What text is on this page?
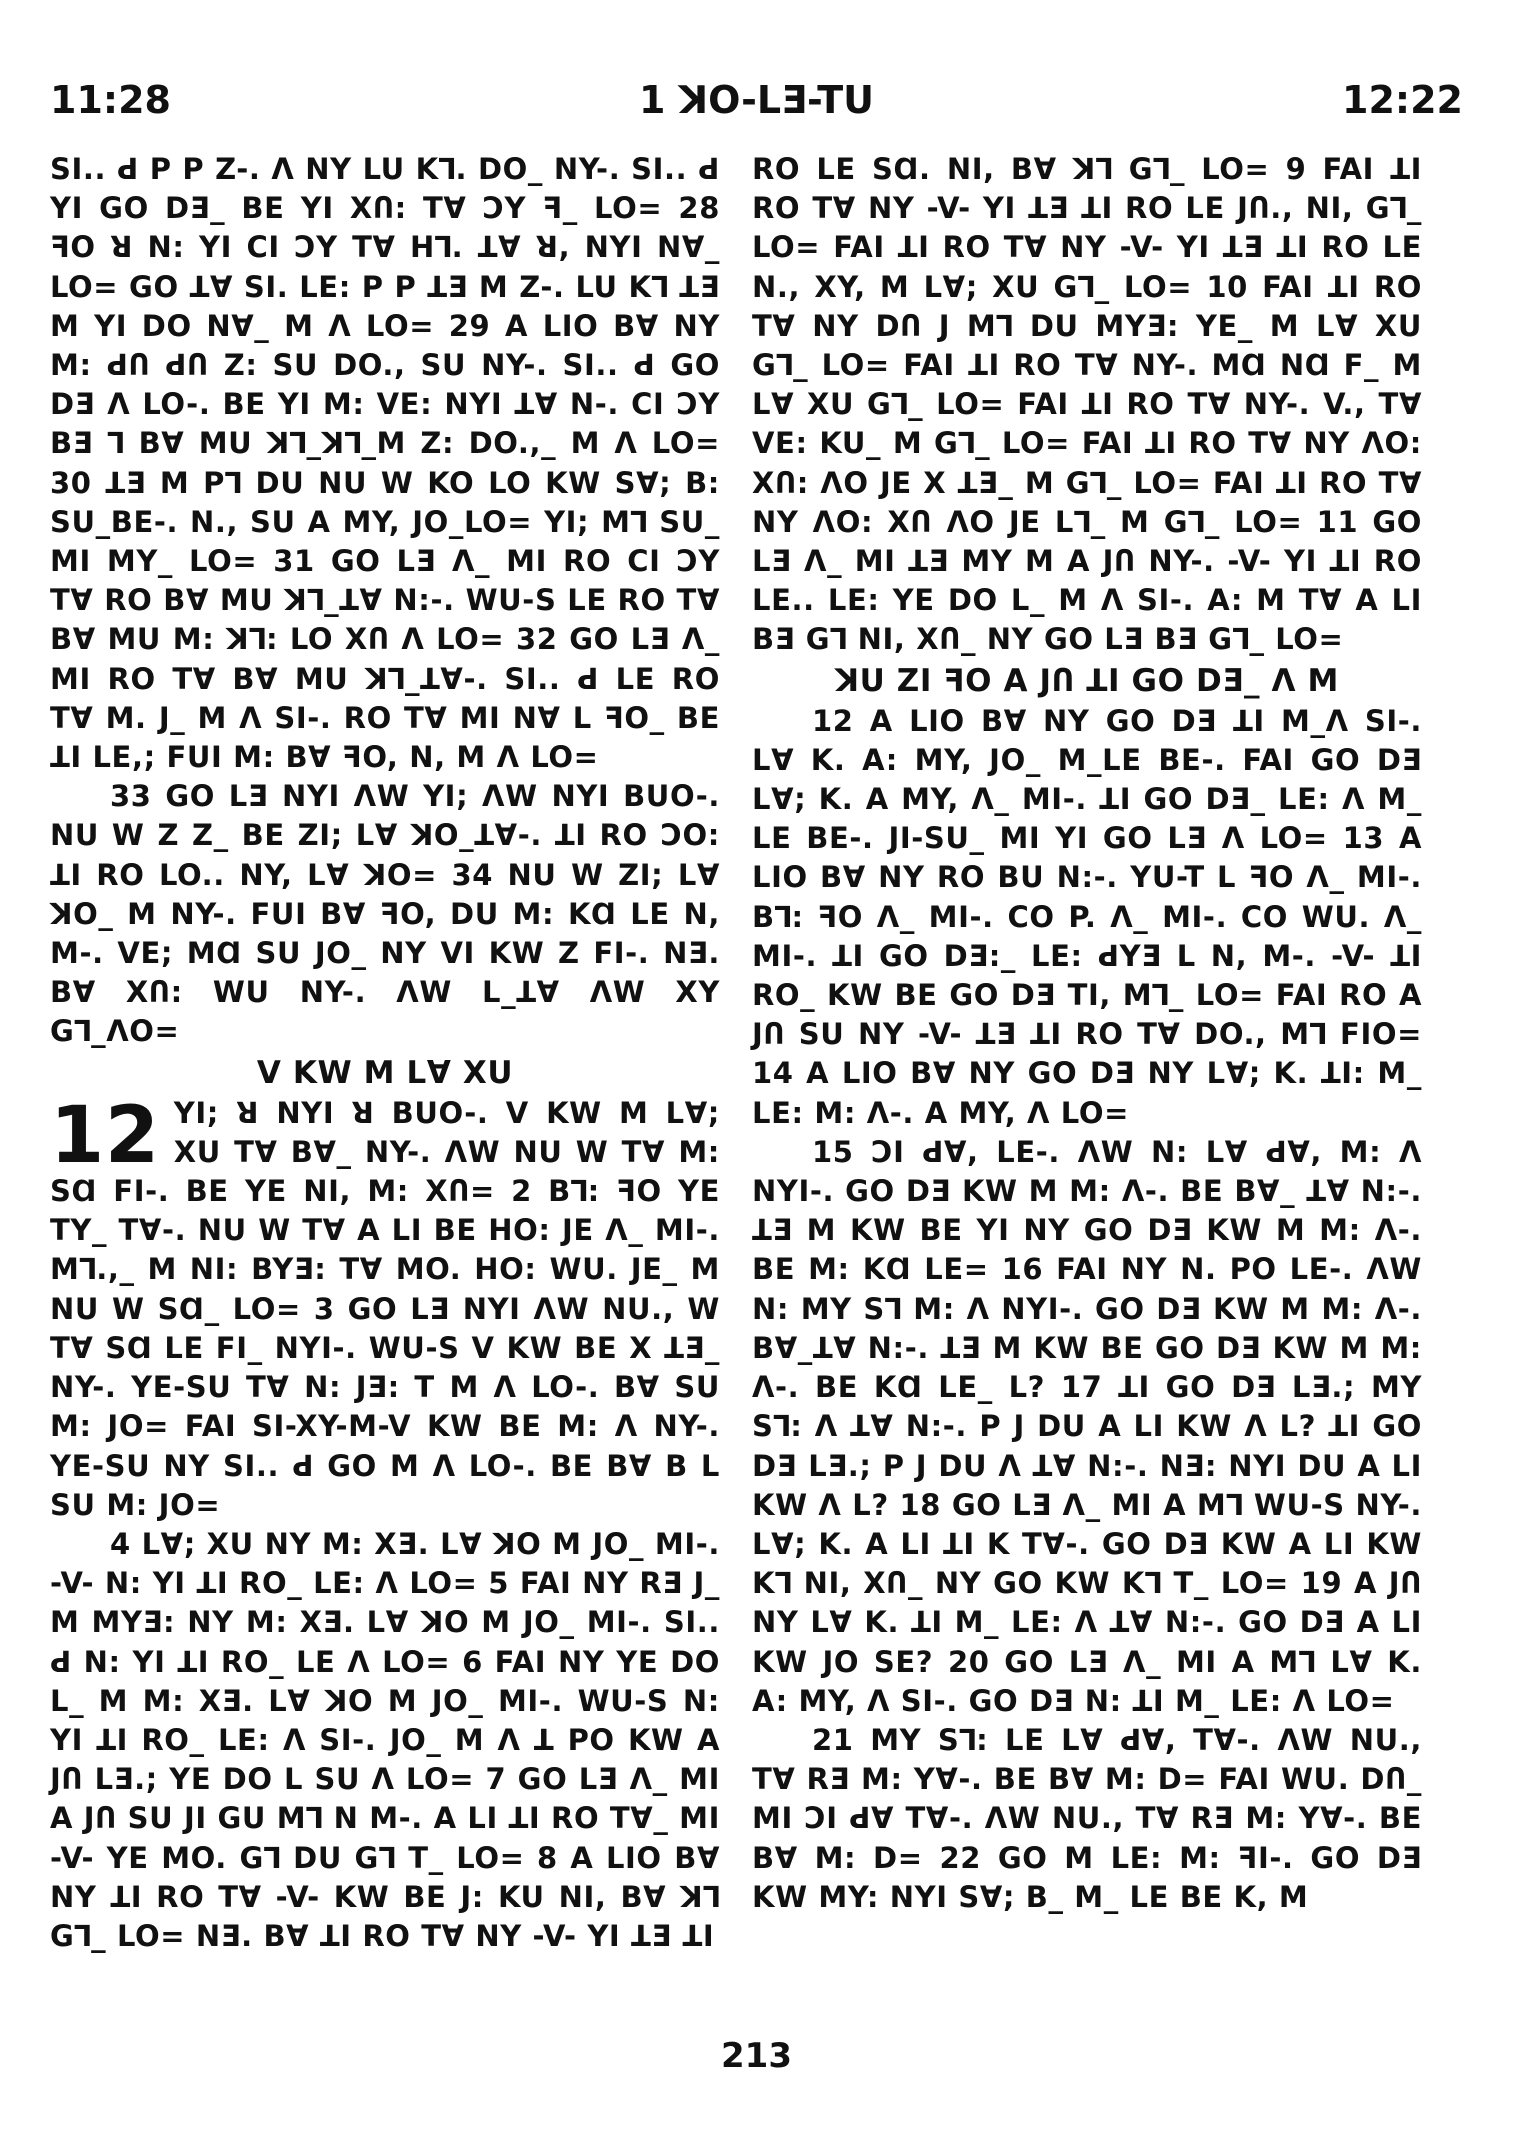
11:28	1 ꓘO-LƎ-TU	12:22

SI.. ꓒ P P Z-. Λ NY LU Kꓶ. DO_ NY-. SI.. ꓒ YI GO DƎ_ BE YI XՈ: TⱯ ƆY ꟻ_ LO= 28 ꟻO ꓤ N: YI CI ƆY TⱯ Hꓶ. ꓕⱯ ꓤ, NYI NⱯ_ LO= GO ꓕⱯ SI. LE: P P ꓕƎ M Z-. LU Kꓶ ꓕƎ M YI DO NⱯ_ M Λ LO= 29 A LIO BⱯ NY M: ꓒՈ ꓒՈ Z: SU DO., SU NY-. SI.. ꓒ GO DƎ Λ LO-. BE YI M: VE: NYI ꓕⱯ N-. CI ƆY BƎ ꓶ BⱯ MU ꓘꓶ_ꓘꓶ_M Z: DO.,_ M Λ LO= 30 ꓕƎ M Pꓶ DU NU W KO LO KW SⱯ; B: SU_BE-. N., SU A MY, JO_LO= YI; Mꓶ SU_ MI MY_ LO= 31 GO LƎ Λ_ MI RO CI ƆY TⱯ RO BⱯ MU ꓘꓶ_ꓕⱯ N:-. WU-S LE RO TⱯ BⱯ MU M: ꓘꓶ: LO XՈ Λ LO= 32 GO LƎ Λ_ MI RO TⱯ BⱯ MU ꓘꓶ_ꓕⱯ-. SI.. ꓒ LE RO TⱯ M. J_ M Λ SI-. RO TⱯ MI NⱯ L ꟻO_ BE ꓕI LE,; FUI M: BⱯ ꟻO, N, M Λ LO=

33 GO LƎ NYI ɅW YI; ɅW NYI BUO-. NU W Z Z_ BE ZI; LⱯ ꓘO_ꓕⱯ-. ꓕI RO ƆO: ꓕI RO LO.. NY, LⱯ ꓘO= 34 NU W ZI; LⱯ ꓘO_ M NY-. FUI BⱯ ꟻO, DU M: KⱭ LE N, M-. VE; MⱭ SU JO_ NY VI KW Z FI-. NƎ. BⱯ XՈ: WU NY-. ɅW L_ꓕⱯ ɅW XY Gꓶ_ɅO=

V KW M LⱯ XU
12 YI; ꓤ NYI ꓤ BUO-. V KW M LⱯ; XU TⱯ BⱯ_ NY-. ɅW NU W TⱯ M: SⱭ FI-. BE YE NI, M: XՈ= 2 Bꓶ: ꟻO YE TY_ TⱯ-. NU W TⱯ A LI BE HO: JE Λ_ MI-. Mꓶ.,_ M NI: BYƎ: TⱯ MO. HO: WU. JE_ M NU W SⱭ_ LO= 3 GO LƎ NYI ɅW NU., W TⱯ SⱭ LE FI_ NYI-. WU-S V KW BE X ꓕƎ_ NY-. YE-SU TⱯ N: JƎ: T M Λ LO-. BⱯ SU M: JO= FAI SI-XY-M-V KW BE M: Λ NY-. YE-SU NY SI.. ꓒ GO M Λ LO-. BE BⱯ B L SU M: JO=

4 LⱯ; XU NY M: XƎ. LⱯ ꓘO M JO_ MI-. -V- N: YI ꓕI RO_ LE: Λ LO= 5 FAI NY RƎ J_ M MYƎ: NY M: XƎ. LⱯ ꓘO M JO_ MI-. SI.. ꓒ N: YI ꓕI RO_ LE Λ LO= 6 FAI NY YE DO L_ M M: XƎ. LⱯ ꓘO M JO_ MI-. WU-S N: YI ꓕI RO_ LE: Λ SI-. JO_ M Λ ꓕ PO KW A JՈ LƎ.; YE DO L SU Λ LO= 7 GO LƎ Λ_ MI A JՈ SU JI GU Mꓶ N M-. A LI ꓕI RO TⱯ_ MI -V- YE MO. Gꓶ DU Gꓶ T_ LO= 8 A LIO BⱯ NY ꓕI RO TⱯ -V- KW BE J: KU NI, BⱯ ꓘꓶ Gꓶ_ LO= NƎ. BⱯ ꓕI RO TⱯ NY -V- YI ꓕƎ ꓕI

RO LE SⱭ. NI, BⱯ ꓘꓶ Gꓶ_ LO= 9 FAI ꓕI RO TⱯ NY -V- YI ꓕƎ ꓕI RO LE JՈ., NI, Gꓶ_ LO= FAI ꓕI RO TⱯ NY -V- YI ꓕƎ ꓕI RO LE N., XY, M LⱯ; XU Gꓶ_ LO= 10 FAI ꓕI RO TⱯ NY DՈ J Mꓶ DU MYƎ: YE_ M LⱯ XU Gꓶ_ LO= FAI ꓕI RO TⱯ NY-. MⱭ NⱭ F_ M LⱯ XU Gꓶ_ LO= FAI ꓕI RO TⱯ NY-. V., TⱯ VE: KU_ M Gꓶ_ LO= FAI ꓕI RO TⱯ NY ɅO: XՈ: ɅO JE X ꓕƎ_ M Gꓶ_ LO= FAI ꓕI RO TⱯ NY ɅO: XՈ ɅO JE Lꓶ_ M Gꓶ_ LO= 11 GO LƎ Λ_ MI ꓕƎ MY M A JՈ NY-. -V- YI ꓕI RO LE.. LE: YE DO L_ M Λ SI-. A: M TⱯ A LI BƎ Gꓶ NI, XՈ_ NY GO LƎ BƎ Gꓶ_ LO=

ꓘU ZI ꟻO A JՈ ꓕI GO DƎ_ Λ M

12 A LIO BⱯ NY GO DƎ ꓕI M_Λ SI-. LⱯ K. A: MY, JO_ M_LE BE-. FAI GO DƎ LⱯ; K. A MY, Λ_ MI-. ꓕI GO DƎ_ LE: Λ M_ LE BE-. JI-SU_ MI YI GO LƎ Λ LO= 13 A LIO BⱯ NY RO BU N:-. YU-T L ꟻO Λ_ MI-. Bꓶ: ꟻO Λ_ MI-. CO P. Λ_ MI-. CO WU. Λ_ MI-. ꓕI GO DƎ:_ LE: ꓒYƎ L N, M-. -V- ꓕI RO_ KW BE GO DƎ TI, Mꓶ_ LO= FAI RO A JՈ SU NY -V- ꓕƎ ꓕI RO TⱯ DO., Mꓶ FIO= 14 A LIO BⱯ NY GO DƎ NY LⱯ; K. ꓕI: M_ LE: M: Λ-. A MY, Λ LO=

15 ƆI ꓒⱯ, LE-. ɅW N: LⱯ ꓒⱯ, M: Λ NYI-. GO DƎ KW M M: Λ-. BE BⱯ_ ꓕⱯ N:-. ꓕƎ M KW BE YI NY GO DƎ KW M M: Λ-. BE M: KⱭ LE= 16 FAI NY N. PO LE-. ɅW N: MY Sꓶ M: Λ NYI-. GO DƎ KW M M: Λ-. BⱯ_ꓕⱯ N:-. ꓕƎ M KW BE GO DƎ KW M M: Λ-. BE KⱭ LE_ L? 17 ꓕI GO DƎ LƎ.; MY Sꓶ: Λ ꓕⱯ N:-. P J DU A LI KW Λ L? ꓕI GO DƎ LƎ.; P J DU Λ ꓕⱯ N:-. NƎ: NYI DU A LI KW Λ L? 18 GO LƎ Λ_ MI A Mꓶ WU-S NY-. LⱯ; K. A LI ꓕI K TⱯ-. GO DƎ KW A LI KW Kꓶ NI, XՈ_ NY GO KW Kꓶ T_ LO= 19 A JՈ NY LⱯ K. ꓕI M_ LE: Λ ꓕⱯ N:-. GO DƎ A LI KW JO SE? 20 GO LƎ Λ_ MI A Mꓶ LⱯ K. A: MY, Λ SI-. GO DƎ N: ꓕI M_ LE: Λ LO=

21 MY Sꓶ: LE LⱯ ꓒⱯ, TⱯ-. ɅW NU., TⱯ RƎ M: YⱯ-. BE BⱯ M: D= FAI WU. DՈ_ MI ƆI ꓒⱯ TⱯ-. ɅW NU., TⱯ RƎ M: YⱯ-. BE BⱯ M: D= 22 GO M LE: M: ꟻI-. GO DƎ KW MY: NYI SⱯ; B_ M_ LE BE K, M

213
